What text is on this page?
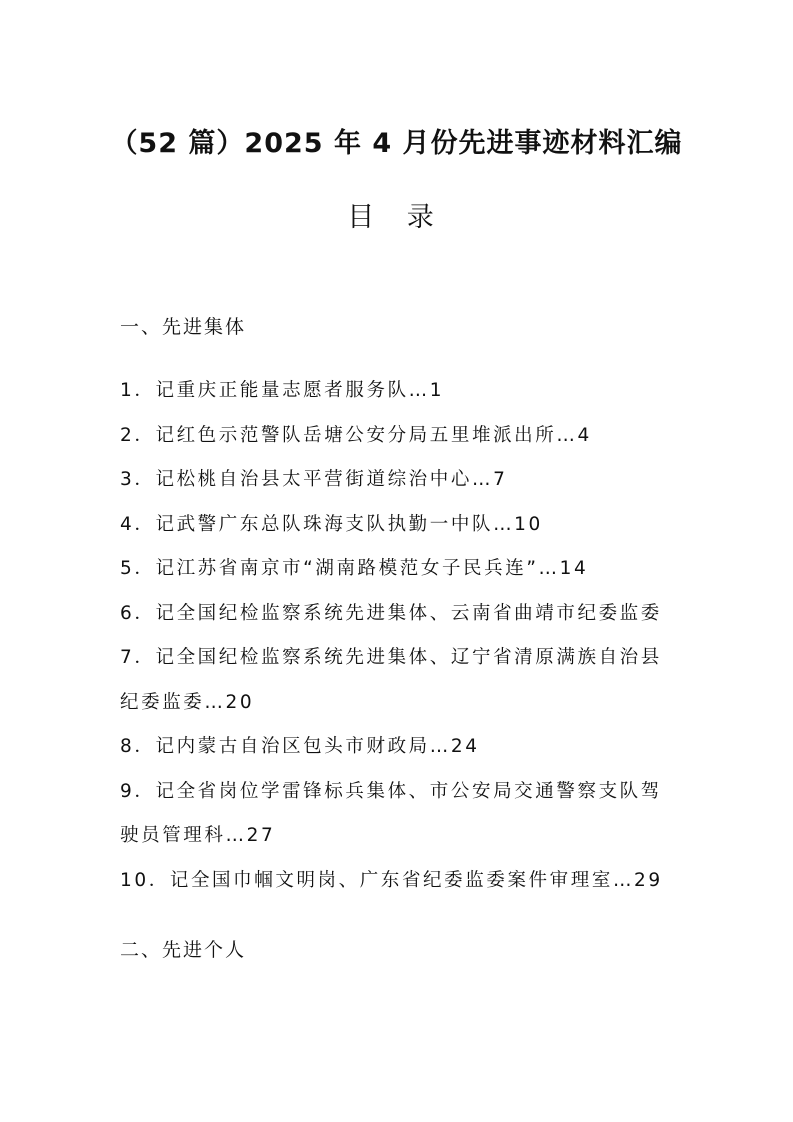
（52 篇）2025 年 4 月份先进事迹材料汇编
目 录
一、先进集体
1．记重庆正能量志愿者服务队…1
2．记红色示范警队岳塘公安分局五里堆派出所…4
3．记松桃自治县太平营街道综治中心…7
4．记武警广东总队珠海支队执勤一中队…10
5．记江苏省南京市“湖南路模范女子民兵连”…14
6．记全国纪检监察系统先进集体、云南省曲靖市纪委监委
7．记全国纪检监察系统先进集体、辽宁省清原满族自治县
纪委监委…20
8．记内蒙古自治区包头市财政局…24
9．记全省岗位学雷锋标兵集体、市公安局交通警察支队驾
驶员管理科…27
10．记全国巾帼文明岗、广东省纪委监委案件审理室…29
二、先进个人
